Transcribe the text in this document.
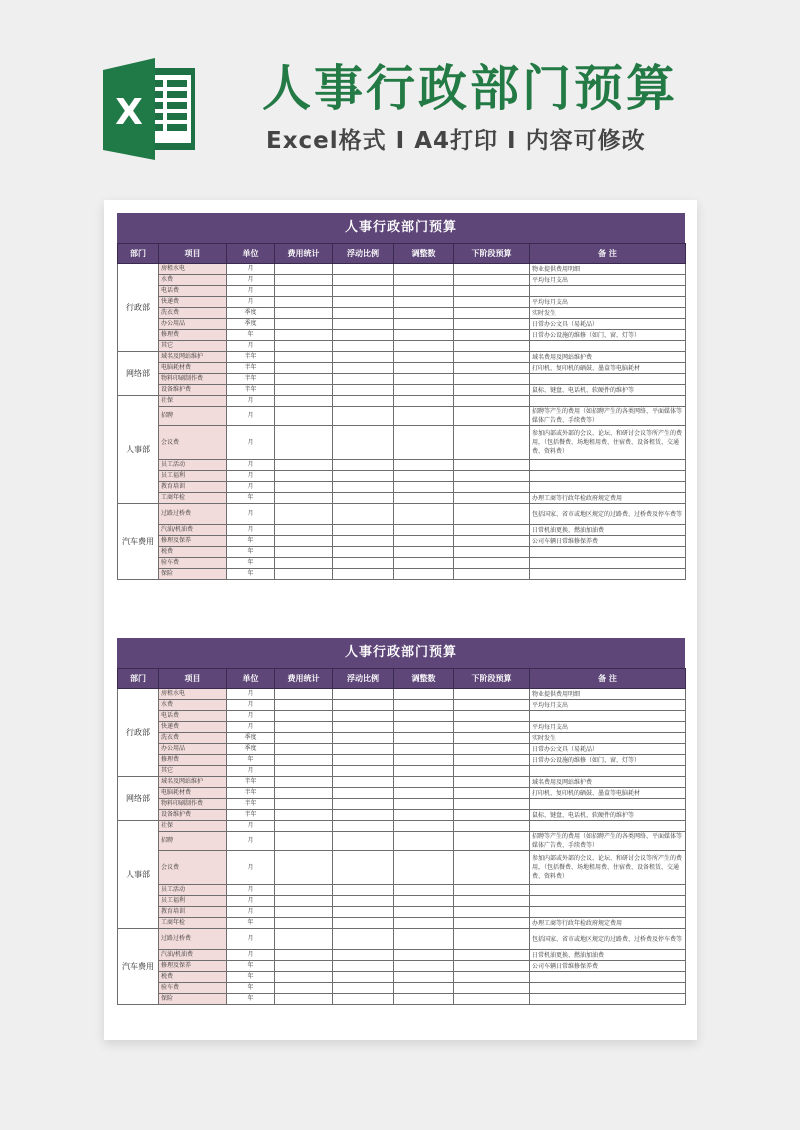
X 人事行政部门预算
Excel格式 I A4打印 I 内容可修改
人事行政部门预算
部门	项目	单位	费用统计	浮动比例	调整数	下阶段预算	备 注
行政部	房租水电	月					物业提供费用明细
	水费	月					平均每月支出
	电话费	月					
	快递费	月					平均每月支出
	洗衣费	季度					实时发生
	办公用品	季度					日常办公文具（易耗品）
	修理费	年					日常办公设施的维修（如门、窗、灯等）
	其它	月					
网络部	域名及网站维护	半年					域名费用及网站维护费
	电脑耗材费	半年					打印机、复印机的硒鼓、墨盒等电脑耗材
	物料印刷制作费	半年					
	设备维护费	半年					鼠标、键盘、电话机、软硬件的维护等
人事部	社保	月					
	招聘	月					招聘等产生的费用（如招聘产生的各类网络、平面媒体等媒体广告费、手续费等）
	会议费	月					参加内部或外部的会议、论坛、和研讨会议等所产生的费用，（包括餐费、场地租用费、住宿费、设备租赁、交通费、资料费）
	员工活动	月					
	员工福利	月					
	教育培训	月					
	工商年检	年					办理工商等行政年检政府规定费用
汽车费用	过路过桥费	月					包括国家、省市或地区规定的过路费、过桥费及停车费等
	汽油/机油费	月					日常机油更换、燃油加油费
	修理及保养	年					公司车辆日常维修保养费
	税费	年					
	验车费	年					
	保险	年					
人事行政部门预算
部门	项目	单位	费用统计	浮动比例	调整数	下阶段预算	备 注
行政部	房租水电	月					物业提供费用明细
	水费	月					平均每月支出
	电话费	月					
	快递费	月					平均每月支出
	洗衣费	季度					实时发生
	办公用品	季度					日常办公文具（易耗品）
	修理费	年					日常办公设施的维修（如门、窗、灯等）
	其它	月					
网络部	域名及网站维护	半年					域名费用及网站维护费
	电脑耗材费	半年					打印机、复印机的硒鼓、墨盒等电脑耗材
	物料印刷制作费	半年					
	设备维护费	半年					鼠标、键盘、电话机、软硬件的维护等
人事部	社保	月					
	招聘	月					招聘等产生的费用（如招聘产生的各类网络、平面媒体等媒体广告费、手续费等）
	会议费	月					参加内部或外部的会议、论坛、和研讨会议等所产生的费用，（包括餐费、场地租用费、住宿费、设备租赁、交通费、资料费）
	员工活动	月					
	员工福利	月					
	教育培训	月					
	工商年检	年					办理工商等行政年检政府规定费用
汽车费用	过路过桥费	月					包括国家、省市或地区规定的过路费、过桥费及停车费等
	汽油/机油费	月					日常机油更换、燃油加油费
	修理及保养	年					公司车辆日常维修保养费
	税费	年					
	验车费	年					
	保险	年					
